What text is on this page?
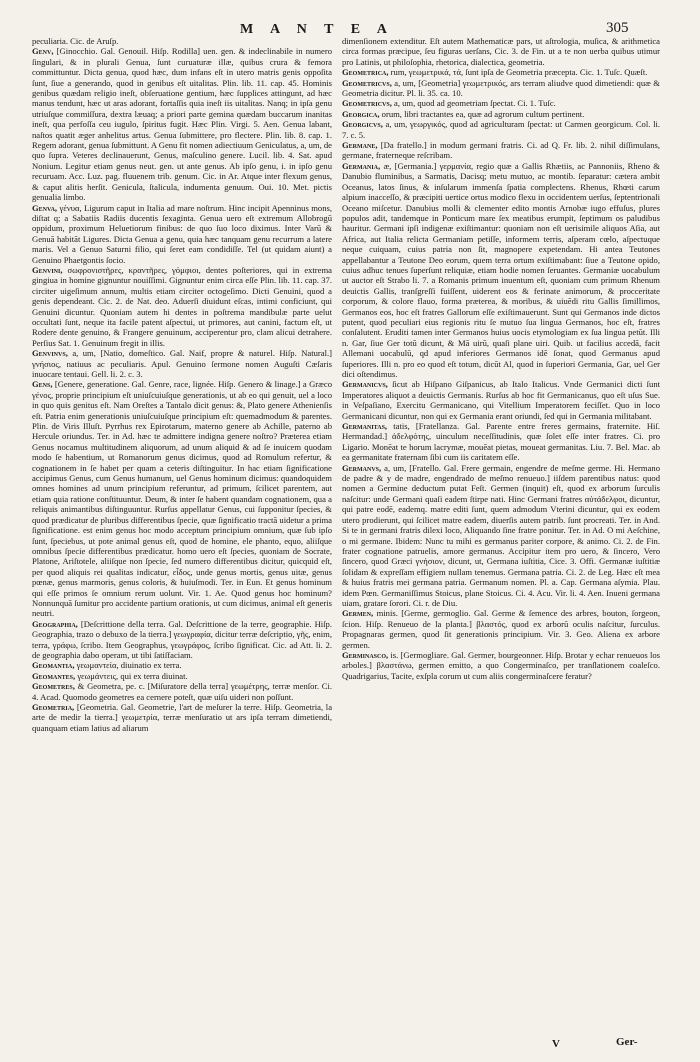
M A N T E A	305

peculiaria. Cic. de Aruſp.

Genv, [Ginocchio. Gal. Genouil. Hiſp. Rodilla] uen. gen. & indeclinabile in numero ſingulari, & in plurali Genua, ſunt curuaturæ illæ, quibus crura & femora committuntur. Dicta genua, quod hæc, dum infans eſt in utero matris genis oppoſita ſunt, ſiue a generando, quod in genibus eſt uitalitas. Plin. lib. 11. cap. 45. Hominis genibus quædam religio ineſt, obſeruatione gentium, hæc ſupplices attingunt, ad hæc manus tendunt, hæc ut aras adorant, fortaſſis quia ineſt iis uitalitas. Nanq; in ipſa genu utriuſque commiſſura, dextra læuaq; a priori parte gemina quædam buccarum inanitas ineſt, qua perfoſſa ceu iugulo, ſpiritus fugit. Hæc Plin. Virgi. 5. Aen. Genua labant, naſtos quatit æger anhelitus artus. Genua ſubmittere, pro flectere. Plin. lib. 8. cap. 1. Regem adorant, genua ſubmittunt. A Genu fit nomen adiectiuum Geniculatus, a, um, de quo ſupra. Veteres declinauerunt, Genus, maſculino genere. Lucil. lib. 4. Sat. apud Nonium. Legitur etiam genus neut. gen. ut ante genus. Ab ipſo genu, i. in ipſo genu recuruam. Acc. Luz. pag. fluuenem trib. genum. Cic. in Ar. Atque inter flexum genus, & caput alitis herſit. Genicula, ſtalicula, indumenta genuum. Oui. 10. Met. pictis genualia limbo.

Genva, γένυα, Ligurum caput in Italia ad mare noſtrum. Hinc incipit Apenninus mons, diſtat q; a Sabatiis Radiis ducentis ſexaginta. Genua uero eſt extremum Allobrogū oppidum, proximum Heluetiorum finibus: de quo ſuo loco diximus. Inter Varū & Genuā habitāt Ligures. Dicta Genua a genu, quia hæc tanquam genu recurrum a latere maris. Vel a Genuo Saturni filio, qui ſeret eam condidiſſe. Tel (ut quidam aiunt) a Genuino Phaetgontis ſocio.

Genvini, σωφρονιστῆρες, κραντῆρες, γόμφιοι, dentes poſteriores, qui in extrema gingiua in homine gignuntur nouiſſimi. Gignuntur enim circa eſſe Plin. lib. 11. cap. 37. circiter uigeſimum annum, multis etiam circiter octogeſimo. Dicti Genuini, quod a genis dependeant. Cic. 2. de Nat. deo. Aduerſi diuidunt eſcas, intimi conficiunt, qui Genuini dicuntur. Quoniam autem hi dentes in poſtrema mandibulæ parte uelut occultati ſunt, neque ita facile patent aſpectui, ut primores, aut canini, factum eſt, ut Rodere dente genuino, & Frangere genuinum, acciperentur pro, clam alicui detrahere. Perſius Sat. 1. Genuinum fregit in illis.

Genvinvs, a, um, [Natio, domeſtico. Gal. Naif, propre & naturel. Hiſp. Natural.] γνήσιος, natiuus ac peculiaris. Apul. Genuino ſermone nomen Auguſti Cæſaris inuocare tentaui. Gell. li. 2. c. 3.

Gens, [Genere, generatione. Gal. Genre, race, lignée. Hiſp. Genero & linage.] a Græco γένος, proprie principium eſt uniuſcuiuſque generationis, ut ab eo qui genuit, uel a loco in quo quis genitus eſt. Nam Oreſtes a Tantalo dicit genus: &, Plato genere Athenienſis eſt. Patria enim generationis uniuſcuiuſque principium eſt: quemadmodum & parentes. Plin. de Viris Illuſt. Pyrrhus rex Epirotarum, materno genere ab Achille, paterno ab Hercule oriundus. Ter. in Ad. hæc te admittere indigna genere noſtro? Præterea etiam Genus nocamus multitudinem aliquorum, ad unum aliquid & ad ſe inuicem quodam modo ſe habentium, ut Romanorum genus dicimus, quod ad Romulum refertur, & cognationem in ſe habet per quam a ceteris diſtinguitur. In hac etiam ſignificatione accipimus Genus, cum Genus humanum, uel Genus hominum dicimus: quandoquidem omnes homines ad unum principium referuntur, ad primum, ſcilicet parentem, aut etiam quia ratione conſtituuntur. Deum, & inter ſe habent quandam cognationem, qua a reliquis animantibus diſtinguuntur. Rurſus appellatur Genus, cui ſupponitur ſpecies, & quod prædicatur de pluribus differentibus ſpecie, quæ ſignificatio tractā uidetur a prima ſignificatione. est enim genus hoc modo acceptum principium omnium, quæ ſub ipſo ſunt, ſpeciebus, ut pote animal genus eſt, quod de homine, ele phanto, equo, aliiſque omnibus ſpecie differentibus prædicatur. homo uero eſt ſpecies, quoniam de Socrate, Platone, Ariſtotele, aliiſque non ſpecie, ſed numero differentibus dicitur, quicquid eſt, per quod aliquis rei qualitas indicatur, εἶδος, unde genus mortis, genus uitæ, genus pœnæ, genus marmoris, genus coloris, & huiuſmodi. Ter. in Eun. Et genus hominum qui eſſe primos ſe omnium rerum uolunt. Vir. 1. Ae. Quod genus hoc hominum? Nonnunquā ſumitur pro accidente partium orationis, ut cum dicimus, animal eſt generis neutri.

Geographia, [Deſcrittione della terra. Gal. Deſcrittione de la terre, geographie. Hiſp. Geographia, trazo o debuxo de la tierra.] γεωγραφία, dicitur terræ deſcriptio, γῆς, enim, terra, γράφω, ſcribo. Item Geographus, γεωγράφος, ſcribo ſignificat. Cic. ad Att. li. 2. de geographia dabo operam, ut tibi ſatiſfaciam.

Geomantia, γεωμαντεία, diuinatio ex terra.

Geomantes, γεωμάντεις, qui ex terra diuinat.

Geometres, & Geometra, pe. c. [Miſuratore della terra] γεωμέτρης, terræ menſor. Ci. 4. Acad. Quomodo geometres ea cernere poteſt, quæ uiſu uideri non poſſunt.

Geometria, [Geometria. Gal. Geometrie, l'art de meſurer la terre. Hiſp. Geometria, la arte de medir la tierra.] γεωμετρία, terræ menſuratio ut ars ipſa terram dimetiendi, quanquam etiam latius ad aliarum

dimenſionem extenditur. Eſt autem Mathematicæ pars, ut aſtrologia, muſica, & arithmetica circa formas præcipue, ſeu figuras uerſans, Cic. 3. de Fin. ut a te non uerba quibus utimur pro Latinis, ut philoſophia, rhetorica, dialectica, geometria.

Geometrica, rum, γεωμετρικά, τά, ſunt ipſa de Geometria præcepta. Cic. 1. Tuſc. Quæſt.

Geometricvs, a, um, [Geometria] γεωμετρικός, ars terram aliudve quod dimetiendi: quæ & Geometria dicitur. Pl. li. 35. ca. 10.

Geometricvs, a, um, quod ad geometriam ſpectat. Ci. 1. Tuſc.

Georgica, orum, libri tractantes ea, quæ ad agrorum cultum pertinent.

Georgicvs, a, um, γεωργικός, quod ad agriculturam ſpectat: ut Carmen georgicum. Col. li. 7. c. 5.

Germane, [Da fratello.] in modum germani fratris. Ci. ad Q. Fr. lib. 2. nihil diſſimulans, germane, fraterneque reſcribam.

Germania, æ, [Germania.] γερμανία, regio quæ a Gallis Rhætiis, ac Pannoniis, Rheno & Danubio fluminibus, a Sarmatis, Dacisq; metu mutuo, ac montib. ſeparatur: cætera ambit Oceanus, latos ſinus, & inſularum immenſa ſpatia complectens. Rhenus, Rhœti carum alpium inacceſſo, & præcipiti uertice ortus modico flexu in occidentem uerſus, ſeptentrionali Oceano miſcetur. Danubius molli & clementer edito montis Arnobæ iugo effuſus, plures populos adit, tandemque in Ponticum mare ſex meatibus erumpit, ſeptimum os paludibus hauritur. Germani ipſi indigenæ exiſtimantur: quoniam non eſt uerisimile aliquos Aſia, aut Africa, aut Italia relicta Germaniam petiſſe, informem terris, aſperam cœlo, aſpectuque neque cuiquam, cuius patria non ſit, magnopere expetendam. Hi antea Teutones appellabantur a Teutone Deo eorum, quem terra ortum exiſtimabant: ſiue a Teutone opido, cuius adhuc tenues ſuperſunt reliquiæ, etiam hodie nomen ſeruantes. Germaniæ uocabulum ut auctor eſt Strabo li. 7. a Romanis primum inuentum eſt, quoniam cum primum Rhenum deuictis Gallis, tranſgreſſi fuiſſent, uiderent eos & ferinate animorum, & procceritate corporum, & colore flauo, forma præterea, & moribus, & uiuēdi ritu Gallis ſimillimos, Germanos eos, hoc eſt fratres Gallorum eſſe exiſtimauerunt. Sunt qui Germanos inde dictos putent, quod peculiari eius regionis ritu ſe mutuo ſua lingua Germanos, hoc eſt, fratres conſalutent. Eruditi tamen inter Germanos huius uocis etymologiam ex ſua lingua petūt. Illi n. Gar, ſiue Ger totū dicunt, & Mā uirū, quaſi plane uiri. Quib. ut facilius accedā, facit Allemani uocabulū, qd apud inferiores Germanos idē ſonat, quod Germanus apud ſuperiores. Illi n. pro eo quod eſt totum, dicūt Al, quod in ſuperiori Germania, Gar, uel Ger dici oſtendimus.

Germanicvs, ſicut ab Hiſpano Giſpanicus, ab Italo Italicus. Vnde Germanici dicti ſunt Imperatores aliquot a deuictis Germanis. Rurſus ab hoc fit Germanicanus, quo eſt uſus Sue. in Veſpaſiano, Exercitu Germanicano, qui Vitellium Imperatorem feciſſet. Quo in loco Germanicani dicuntur, non qui ex Germania erant oriundi, ſed qui in Germania militabant.

Germanitas, tatis, [Fratellanza. Gal. Parente entre freres germains, fraternite. Hiſ. Hermandad.] ἀδελφότης, uinculum neceſſitudinis, quæ ſolet eſſe inter fratres. Ci. pro Ligario. Monēat te horum lacrymæ, mouēat pietas, moueat germanitas. Liu. 7. Bel. Mac. ab ea germanitate fraternam ſibi cum iis caritatem eſſe.

Germanvs, a, um, [Fratello. Gal. Frere germain, engendre de meſme germe. Hi. Hermano de padre & y de madre, engendrado de meſmo renueuo.] iiſdem parentibus natus: quod nomen a Germine deductum putat Feſt. Germen (inquit) eſt, quod ex arborum ſurculis naſcitur: unde Germani quaſi eadem ſtirpe nati. Hinc Germani fratres αὐτάδελφοι, dicuntur, qui patre eodē, eademq. matre editi ſunt, quem admodum Vterini dicuntur, qui ex eodem utero prodierunt, qui ſcilicet matre eadem, diuerſis autem patrib. ſunt procreati. Ter. in And. Si te in germani fratris dilexi loco, Aliquando ſine fratre ponitur. Ter. in Ad. O mi Aeſchine, o mi germane. Ibidem: Nunc tu mihi es germanus pariter corpore, & animo. Ci. 2. de Fin. frater cognatione patruelis, amore germanus. Accipitur item pro uero, & ſincero, Vero ſincero, quod Græci γνήσιον, dicunt, ut, Germana iuſtitia, Cice. 3. Offi. Germanæ iuſtitiæ ſolidam & expreſſam effigiem nullam tenemus. Germana patria. Ci. 2. de Leg. Hæc eſt mea & huius fratris mei germana patria. Germanum nomen. Pl. a. Cap. Germana aſymia. Plau. idem Pœn. Germaniſſimus Stoicus, plane Stoicus. Ci. 4. Acu. Vir. li. 4. Aen. Inueni germana uiam, gratare ſorori. Ci. r. de Diu.

Germen, minis. [Germe, germoglio. Gal. Germe & ſemence des arbres, bouton, ſorgeon, ſcion. Hiſp. Renueuo de la planta.] βλαστός, quod ex arborū oculis naſcitur, ſurculus. Propagnaras germen, quod ſit generationis principium. Vir. 3. Geo. Aliena ex arbore germen.

Germinasco, is. [Germogliare. Gal. Germer, bourgeonner. Hiſp. Brotar y echar renueuos los arboles.] βλαστάνω, germen emitto, a quo Congerminaſco, per tranſlationem coaleſco. Quadrigarius, Tacite, exſpla corum ut cum aliis congerminaſcere feratur?

V	Ger-
